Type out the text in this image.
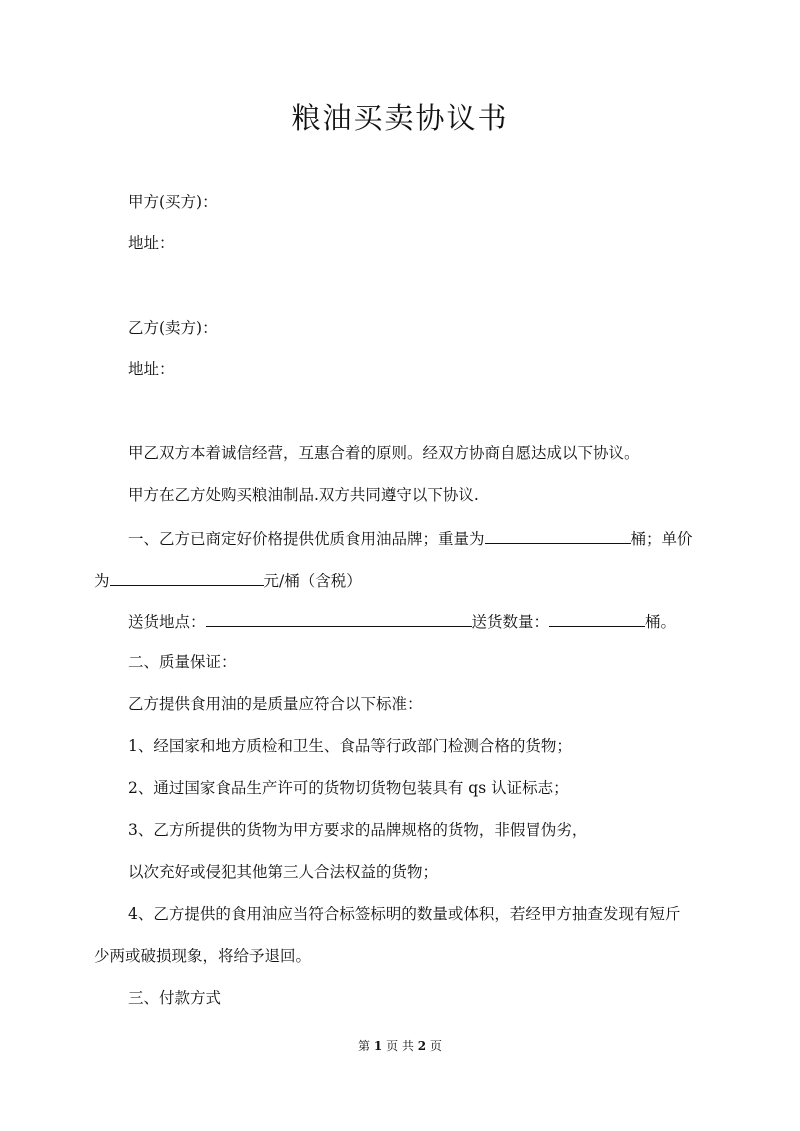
粮油买卖协议书
甲方(买方)：
地址：
乙方(卖方)：
地址：
甲乙双方本着诚信经营，互惠合着的原则。经双方协商自愿达成以下协议。
甲方在乙方处购买粮油制品.双方共同遵守以下协议.
一、乙方已商定好价格提供优质食用油品牌；重量为	桶；单价
为	元/桶（含税）
送货地点：	送货数量：	桶。
二、质量保证：
乙方提供食用油的是质量应符合以下标准：
1、经国家和地方质检和卫生、食品等行政部门检测合格的货物；
2、通过国家食品生产许可的货物切货物包装具有 qs 认证标志；
3、乙方所提供的货物为甲方要求的品牌规格的货物，非假冒伪劣，
以次充好或侵犯其他第三人合法权益的货物；
4、乙方提供的食用油应当符合标签标明的数量或体积，若经甲方抽查发现有短斤
少两或破损现象，将给予退回。
三、付款方式
第 1 页 共 2 页
